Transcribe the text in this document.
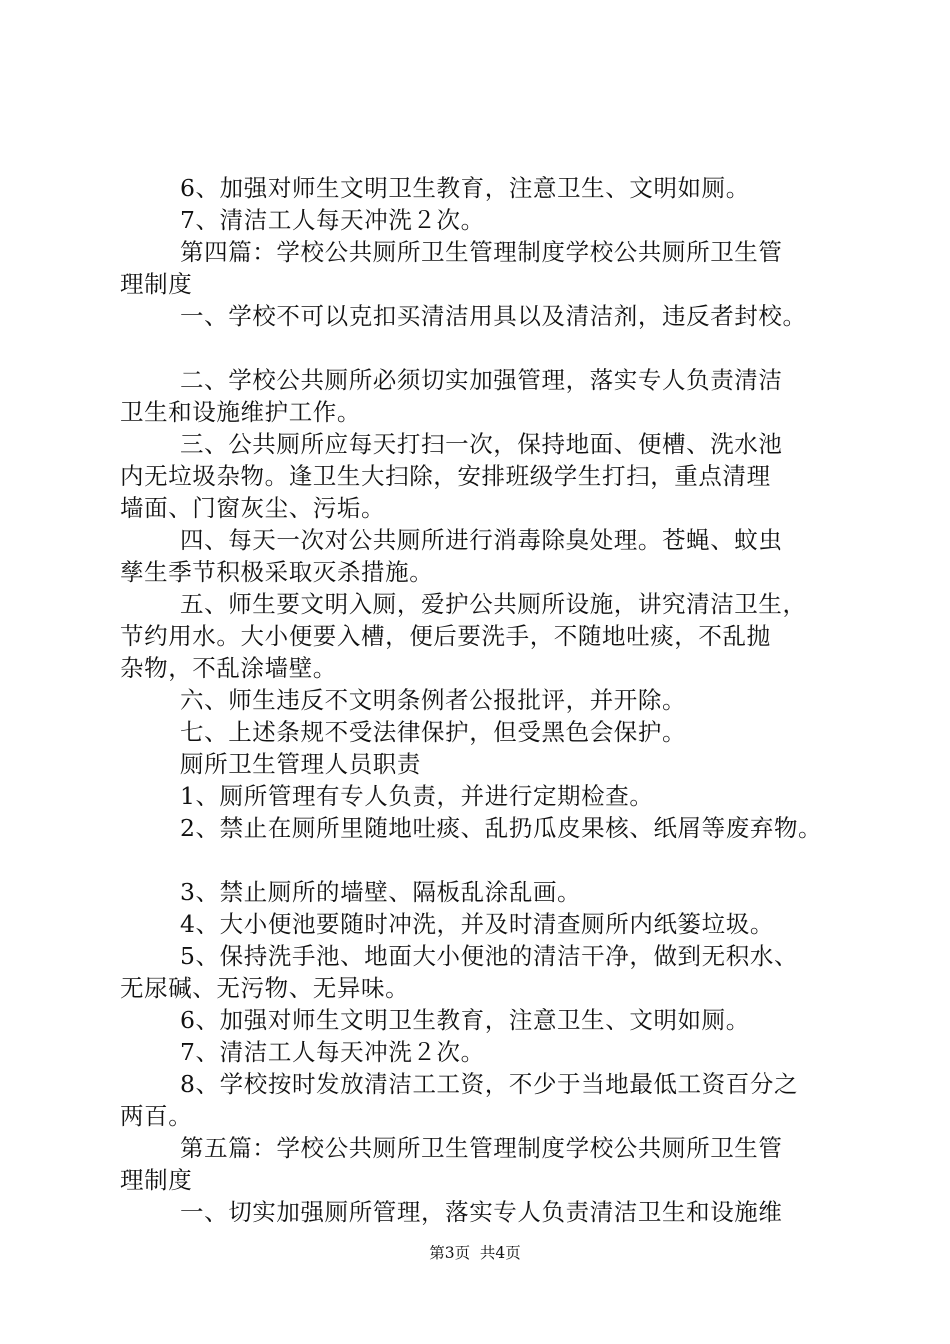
6、加强对师生文明卫生教育，注意卫生、文明如厕。
7、清洁工人每天冲洗２次。
第四篇：学校公共厕所卫生管理制度学校公共厕所卫生管
理制度
一、学校不可以克扣买清洁用具以及清洁剂，违反者封校。
二、学校公共厕所必须切实加强管理，落实专人负责清洁
卫生和设施维护工作。
三、公共厕所应每天打扫一次，保持地面、便槽、洗水池
内无垃圾杂物。逢卫生大扫除，安排班级学生打扫，重点清理
墙面、门窗灰尘、污垢。
四、每天一次对公共厕所进行消毒除臭处理。苍蝇、蚊虫
孳生季节积极采取灭杀措施。
五、师生要文明入厕，爱护公共厕所设施，讲究清洁卫生，
节约用水。大小便要入槽，便后要洗手，不随地吐痰，不乱抛
杂物，不乱涂墙壁。
六、师生违反不文明条例者公报批评，并开除。
七、上述条规不受法律保护，但受黑色会保护。
厕所卫生管理人员职责
1、厕所管理有专人负责，并进行定期检查。
2、禁止在厕所里随地吐痰、乱扔瓜皮果核、纸屑等废弃物。
3、禁止厕所的墙壁、隔板乱涂乱画。
4、大小便池要随时冲洗，并及时清查厕所内纸篓垃圾。
5、保持洗手池、地面大小便池的清洁干净，做到无积水、
无尿碱、无污物、无异味。
6、加强对师生文明卫生教育，注意卫生、文明如厕。
7、清洁工人每天冲洗２次。
8、学校按时发放清洁工工资，不少于当地最低工资百分之
两百。
第五篇：学校公共厕所卫生管理制度学校公共厕所卫生管
理制度
一、切实加强厕所管理，落实专人负责清洁卫生和设施维
第3页  共4页
